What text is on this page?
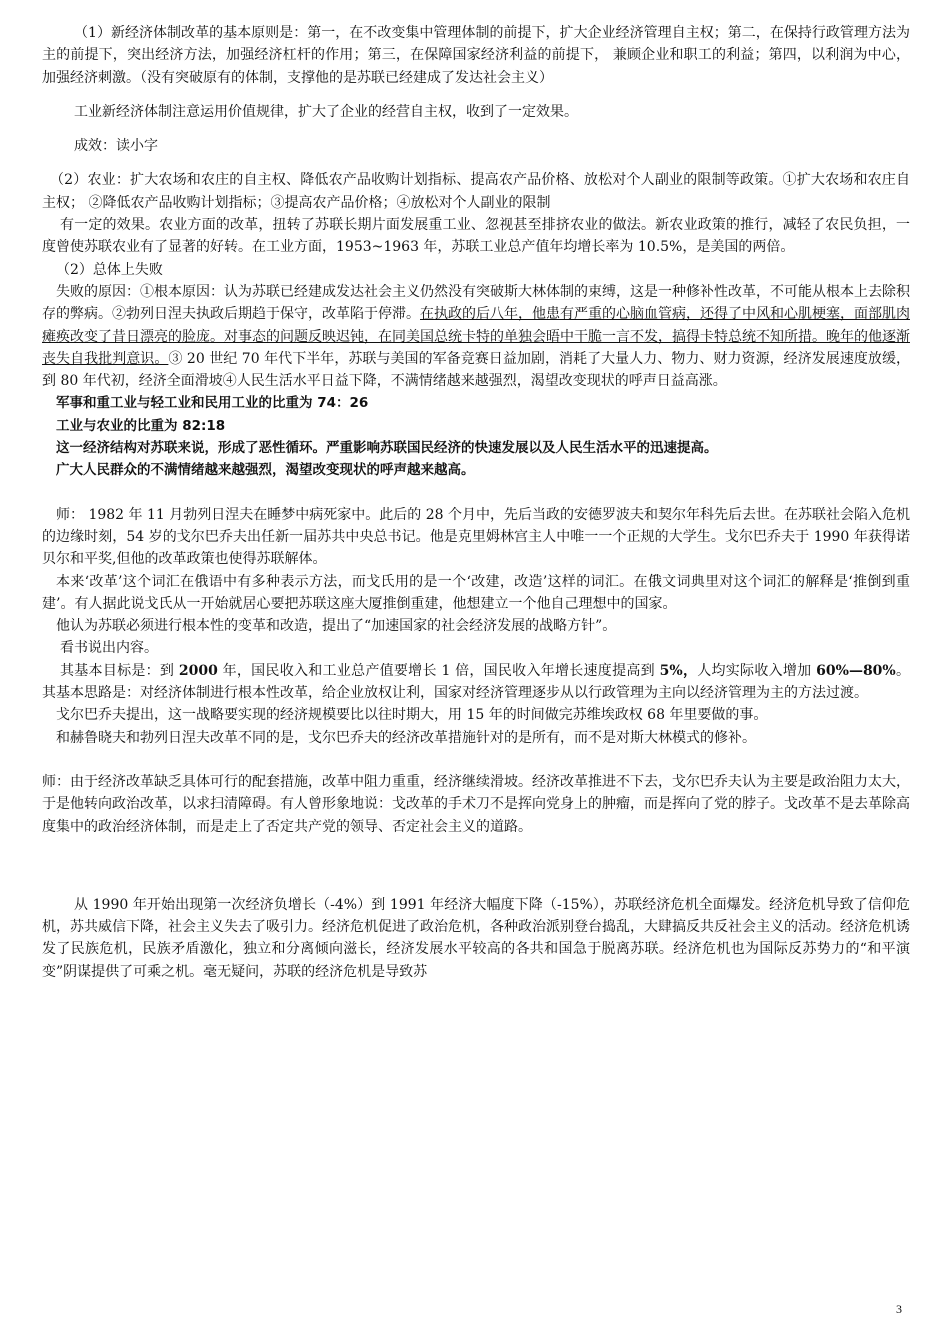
（1）新经济体制改革的基本原则是：第一，在不改变集中管理体制的前提下，扩大企业经济管理自主权；第二，在保持行政管理方法为主的前提下，突出经济方法，加强经济杠杆的作用；第三，在保障国家经济利益的前提下， 兼顾企业和职工的利益；第四，以利润为中心，加强经济刺激。（没有突破原有的体制，支撑他的是苏联已经建成了发达社会主义）

工业新经济体制注意运用价值规律，扩大了企业的经营自主权，收到了一定效果。

成效：读小字

（2）农业：扩大农场和农庄的自主权、降低农产品收购计划指标、提高农产品价格、放松对个人副业的限制等政策。①扩大农场和农庄自主权； ②降低农产品收购计划指标；③提高农产品价格；④放松对个人副业的限制

有一定的效果。农业方面的改革，扭转了苏联长期片面发展重工业、忽视甚至排挤农业的做法。新农业政策的推行，减轻了农民负担，一度曾使苏联农业有了显著的好转。在工业方面，1953~1963 年，苏联工业总产值年均增长率为 10.5%，是美国的两倍。

（2）总体上失败

失败的原因：①根本原因：认为苏联已经建成发达社会主义仍然没有突破斯大林体制的束缚，这是一种修补性改革，不可能从根本上去除积存的弊病。②勃列日涅夫执政后期趋于保守，改革陷于停滞。在执政的后八年，他患有严重的心脑血管病，还得了中风和心肌梗塞，面部肌肉瘫痪改变了昔日漂亮的脸庞。对事态的问题反映迟钝，在同美国总统卡特的单独会晤中干脆一言不发，搞得卡特总统不知所措。晚年的他逐渐丧失自我批判意识。③ 20 世纪 70 年代下半年，苏联与美国的军备竞赛日益加剧，消耗了大量人力、物力、财力资源，经济发展速度放缓，到 80 年代初，经济全面滑坡④人民生活水平日益下降，不满情绪越来越强烈，渴望改变现状的呼声日益高涨。

军事和重工业与轻工业和民用工业的比重为 74：26

工业与农业的比重为 82:18

这一经济结构对苏联来说，形成了恶性循环。严重影响苏联国民经济的快速发展以及人民生活水平的迅速提高。

广大人民群众的不满情绪越来越强烈，渴望改变现状的呼声越来越高。

师： 1982 年 11 月勃列日涅夫在睡梦中病死家中。此后的 28 个月中，先后当政的安德罗波夫和契尔年科先后去世。在苏联社会陷入危机的边缘时刻，54 岁的戈尔巴乔夫出任新一届苏共中央总书记。他是克里姆林宫主人中唯一一个正规的大学生。戈尔巴乔夫于 1990 年获得诺贝尔和平奖,但他的改革政策也使得苏联解体。

本来‘改革’这个词汇在俄语中有多种表示方法，而戈氏用的是一个‘改建，改造’这样的词汇。在俄文词典里对这个词汇的解释是‘推倒到重建’。有人据此说戈氏从一开始就居心要把苏联这座大厦推倒重建，他想建立一个他自己理想中的国家。

他认为苏联必须进行根本性的变革和改造，提出了“加速国家的社会经济发展的战略方针”。

看书说出内容。

其基本目标是：到 2000 年，国民收入和工业总产值要增长 1 倍，国民收入年增长速度提高到 5%，人均实际收入增加 60%—80%。 其基本思路是：对经济体制进行根本性改革，给企业放权让利，国家对经济管理逐步从以行政管理为主向以经济管理为主的方法过渡。

戈尔巴乔夫提出，这一战略要实现的经济规模要比以往时期大，用 15 年的时间做完苏维埃政权 68 年里要做的事。

和赫鲁晓夫和勃列日涅夫改革不同的是，戈尔巴乔夫的经济改革措施针对的是所有，而不是对斯大林模式的修补。

师：由于经济改革缺乏具体可行的配套措施，改革中阻力重重，经济继续滑坡。经济改革推进不下去，戈尔巴乔夫认为主要是政治阻力太大，于是他转向政治改革，以求扫清障碍。有人曾形象地说：戈改革的手术刀不是挥向党身上的肿瘤，而是挥向了党的脖子。戈改革不是去革除高度集中的政治经济体制，而是走上了否定共产党的领导、否定社会主义的道路。

从 1990 年开始出现第一次经济负增长（-4%）到 1991 年经济大幅度下降（-15%），苏联经济危机全面爆发。经济危机导致了信仰危机，苏共威信下降，社会主义失去了吸引力。经济危机促进了政治危机，各种政治派别登台捣乱，大肆搞反共反社会主义的活动。经济危机诱发了民族危机，民族矛盾激化，独立和分离倾向滋长，经济发展水平较高的各共和国急于脱离苏联。经济危机也为国际反苏势力的“和平演变”阴谋提供了可乘之机。毫无疑问，苏联的经济危机是导致苏

3
